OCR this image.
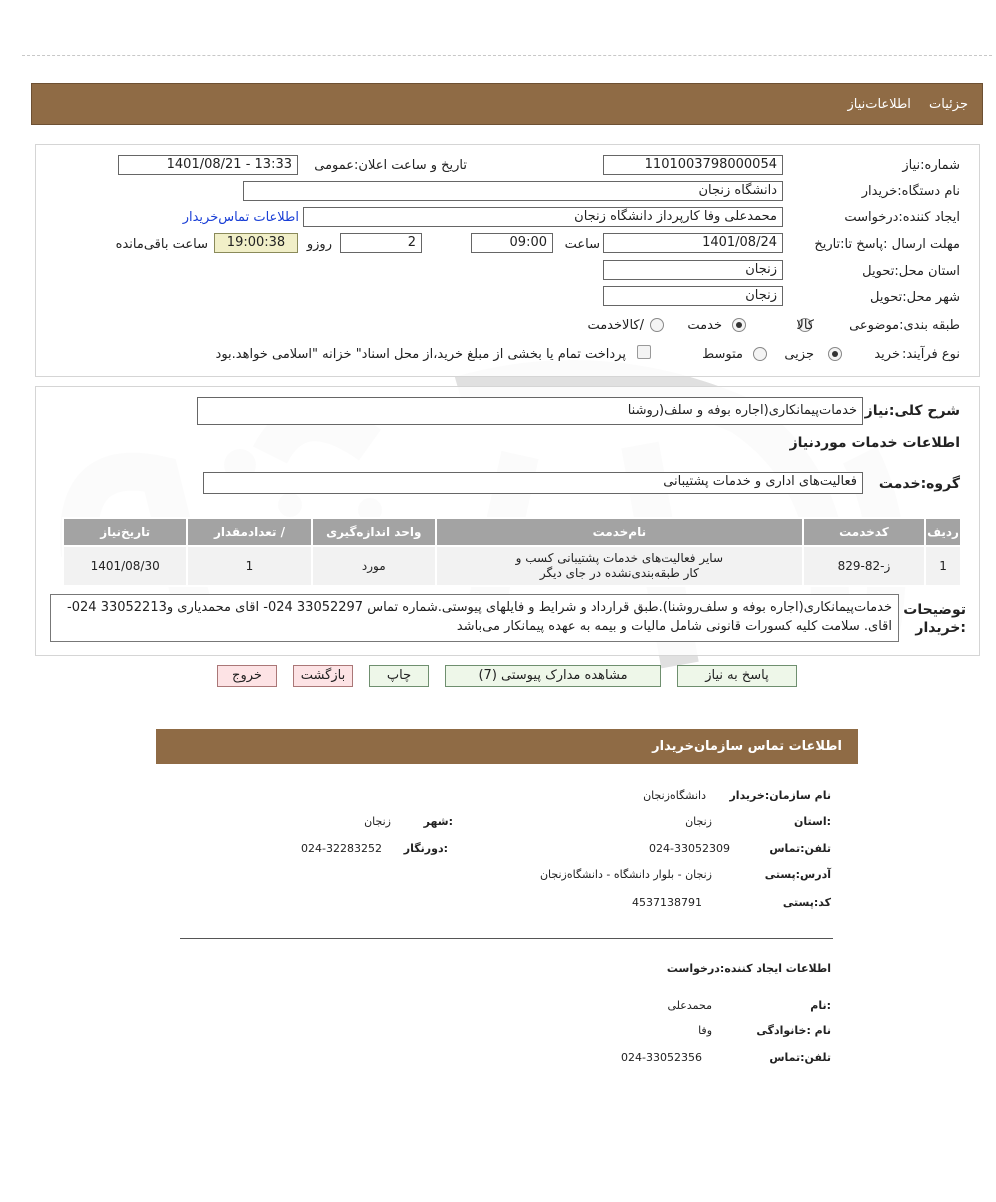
جزئیات اطلاعات‌نیاز
شماره‌:نیاز
1101003798000054
تاریخ و ساعت اعلان:عمومی
1401/08/21 - 13:33
نام دستگاه:خریدار
دانشگاه زنجان
ایجاد کننده:درخواست
محمدعلی وفا کارپرداز دانشگاه زنجان
اطلاعات تماس‌خریدار
مهلت ارسال :پاسخ تا:تاریخ
1401/08/24
ساعت
09:00
2
روزو
19:00:38
ساعت باقی‌مانده
استان محل:تحویل
زنجان
شهر محل:تحویل
زنجان
طبقه بندی:موضوعی
کالا
خدمت
/کالاخدمت
نوع فرآیند:
خرید
جزیی
متوسط
پرداخت تمام یا بخشی از مبلغ خرید،از محل اسناد" خزانه "اسلامی خواهد.بود
شرح کلی:نیاز
خدمات‌پیمانکاری(اجاره بوفه و سلف(روشنا
اطلاعات خدمات موردنیاز
گروه:خدمت
فعالیت‌های اداری و خدمات پشتیبانی
ردیف	کدخدمت	نام‌خدمت	واحد اندازه‌گیری	/ تعدادمقدار	تاریخ‌نیاز
1	ز-82-829	سایر فعالیت‌های خدمات پشتیبانی کسب و
کار طبقه‌بندی‌نشده در جای دیگر	مورد	1	1401/08/30
توضیحات
:خریدار
خدمات‌پیمانکاری(اجاره بوفه و سلف‌روشنا).طبق قرارداد و شرایط و فایلهای پیوستی.شماره تماس 33052297 024- اقای محمدیاری و33052213 024- اقای. سلامت کلیه کسورات قانونی شامل مالیات و بیمه به عهده پیمانکار می‌باشد
پاسخ به نیاز
مشاهده مدارک پیوستی (7)
چاپ
بازگشت
خروج
اطلاعات تماس سازمان‌خریدار
نام سازمان:خریدار
دانشگاه‌زنجان
:استان
زنجان
:شهر
زنجان
تلفن:تماس
024-33052309
:دورنگار
024-32283252
آدرس:پستی
زنجان - بلوار دانشگاه - دانشگاه‌زنجان
کد:پستی
4537138791
اطلاعات ایجاد کننده:درخواست
:نام
محمدعلی
نام :خانوادگی
وفا
تلفن:تماس
024-33052356
